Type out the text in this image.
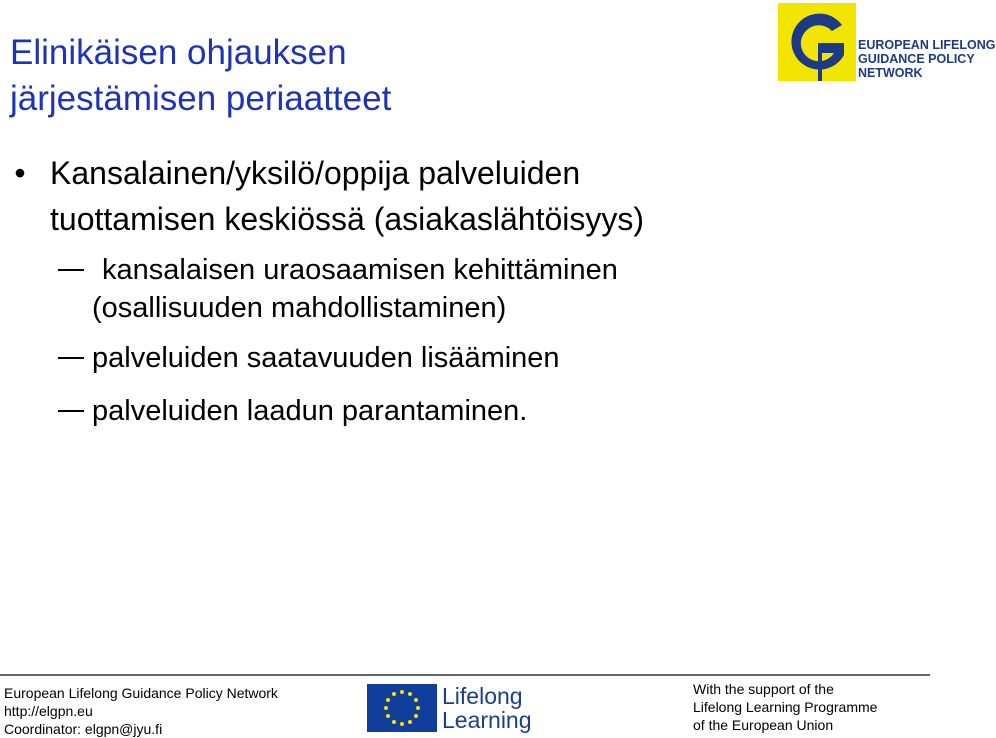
Elinikäisen ohjauksen
järjestämisen periaatteet
• Kansalainen/yksilö/oppija palveluiden
tuottamisen keskiössä (asiakaslähtöisyys)
kansalaisen uraosaamisen kehittäminen
(osallisuuden mahdollistaminen)
palveluiden saatavuuden lisääminen
palveluiden laadun parantaminen.
EUROPEAN LIFELONG
GUIDANCE POLICY
NETWORK
European Lifelong Guidance Policy Network
http://elgpn.eu
Coordinator: elgpn@jyu.fi
Lifelong
Learning
With the support of the
Lifelong Learning Programme
of the European Union
